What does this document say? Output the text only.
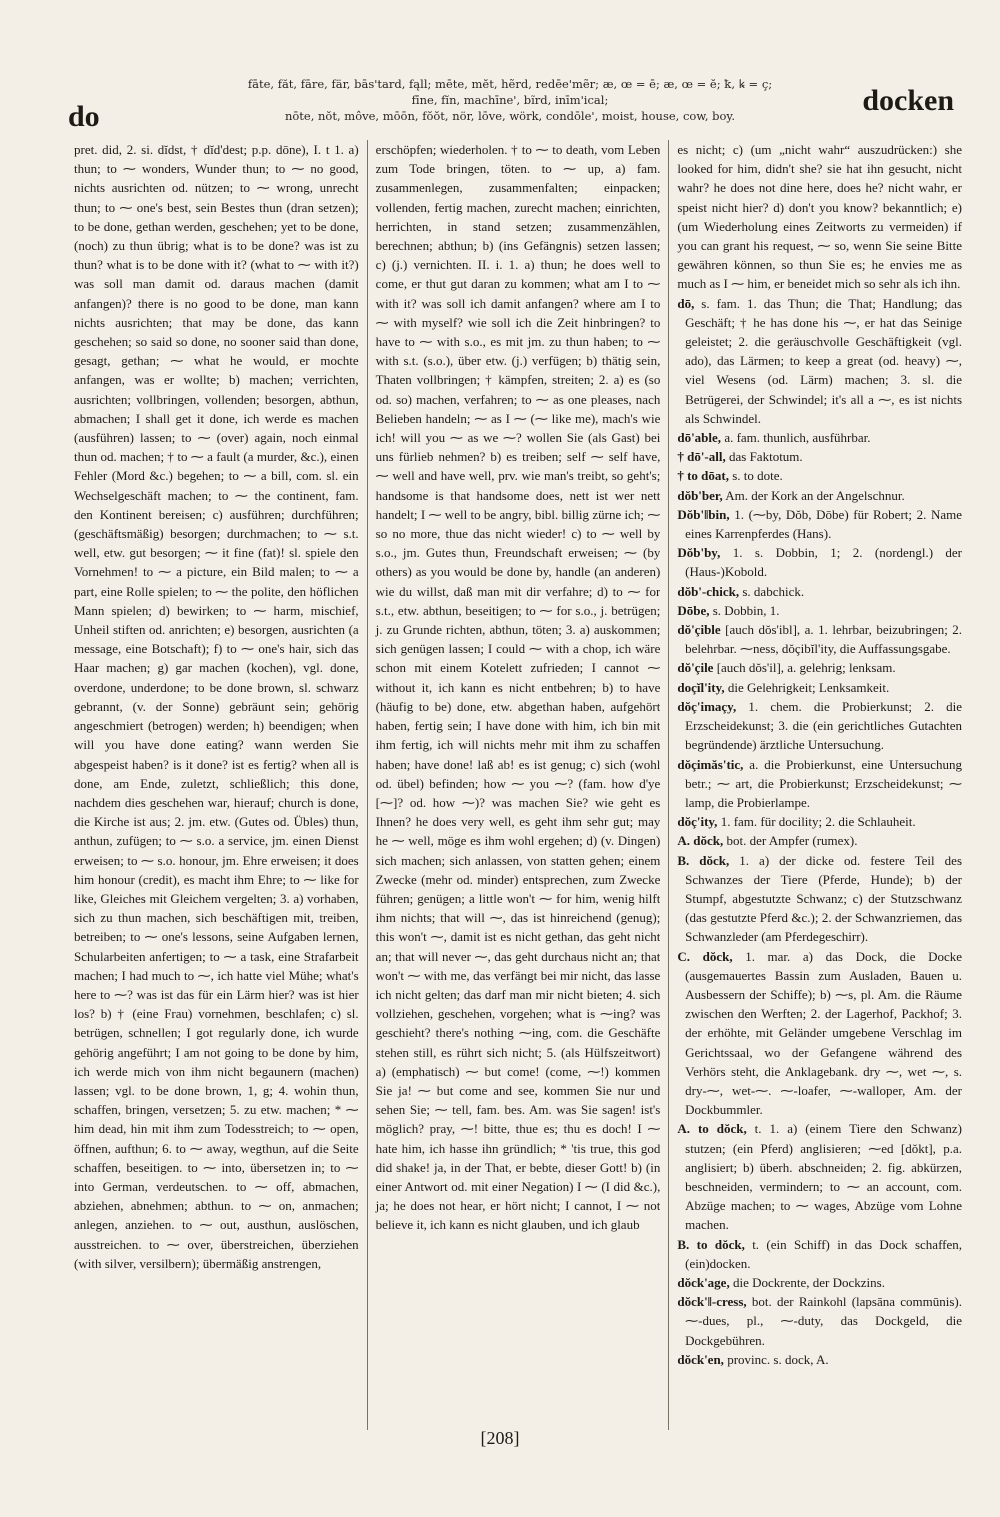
do
fāte, făt, fāre, fär, bās'tard, fąll; mēte, mĕt, hẽrd, redēe'mẽr; æ, œ = ē; æ, œ = ĕ; ꝁ, ꝃ = ç;
fīne, fĭn, machīne', bĩrd, inīm'ical;
nōte, nŏt, môve, mōōn, fŏŏt, nör, lōve, wörk, condōle', moist, house, cow, boy.	docken

pret. did, 2. si. dĭdst, † dĭd'dest; p.p. dōne), I. t 1. a) thun; to ⁓ wonders, Wunder thun; to ⁓ no good, nichts ausrichten od. nützen; to ⁓ wrong, unrecht thun; to ⁓ one's best, sein Bestes thun (dran setzen); to be done, gethan werden, geschehen; yet to be done, (noch) zu thun übrig; what is to be done? was ist zu thun? what is to be done with it? (what to ⁓ with it?) was soll man damit od. daraus machen (damit anfangen)? there is no good to be done, man kann nichts ausrichten; that may be done, das kann geschehen; so said so done, no sooner said than done, gesagt, gethan; ⁓ what he would, er mochte anfangen, was er wollte; b) machen; verrichten, ausrichten; vollbringen, vollenden; besorgen, abthun, abmachen; I shall get it done, ich werde es machen (ausführen) lassen; to ⁓ (over) again, noch einmal thun od. machen; † to ⁓ a fault (a murder, &c.), einen Fehler (Mord &c.) begehen; to ⁓ a bill, com. sl. ein Wechselgeschäft machen; to ⁓ the continent, fam. den Kontinent bereisen; c) ausführen; durchführen; (geschäftsmäßig) besorgen; durchmachen; to ⁓ s.t. well, etw. gut besorgen; ⁓ it fine (fat)! sl. spiele den Vornehmen! to ⁓ a picture, ein Bild malen; to ⁓ a part, eine Rolle spielen; to ⁓ the polite, den höflichen Mann spielen; d) bewirken; to ⁓ harm, mischief, Unheil stiften od. anrichten; e) besorgen, ausrichten (a message, eine Botschaft); f) to ⁓ one's hair, sich das Haar machen; g) gar machen (kochen), vgl. done, overdone, underdone; to be done brown, sl. schwarz gebrannt, (v. der Sonne) gebräunt sein; gehörig angeschmiert (betrogen) werden; h) beendigen; when will you have done eating? wann werden Sie abgespeist haben? is it done? ist es fertig? when all is done, am Ende, zuletzt, schließlich; this done, nachdem dies geschehen war, hierauf; church is done, die Kirche ist aus; 2. jm. etw. (Gutes od. Übles) thun, anthun, zufügen; to ⁓ s.o. a service, jm. einen Dienst erweisen; to ⁓ s.o. honour, jm. Ehre erweisen; it does him honour (credit), es macht ihm Ehre; to ⁓ like for like, Gleiches mit Gleichem vergelten; 3. a) vorhaben, sich zu thun machen, sich beschäftigen mit, treiben, betreiben; to ⁓ one's lessons, seine Aufgaben lernen, Schularbeiten anfertigen; to ⁓ a task, eine Strafarbeit machen; I had much to ⁓, ich hatte viel Mühe; what's here to ⁓? was ist das für ein Lärm hier? was ist hier los? b) † (eine Frau) vornehmen, beschlafen; c) sl. betrügen, schnellen; I got regularly done, ich wurde gehörig angeführt; I am not going to be done by him, ich werde mich von ihm nicht begaunern (machen) lassen; vgl. to be done brown, 1, g; 4. wohin thun, schaffen, bringen, versetzen; 5. zu etw. machen; * ⁓ him dead, hin mit ihm zum Todesstreich; to ⁓ open, öffnen, aufthun; 6. to ⁓ away, wegthun, auf die Seite schaffen, beseitigen. to ⁓ into, übersetzen in; to ⁓ into German, verdeutschen. to ⁓ off, abmachen, abziehen, abnehmen; abthun. to ⁓ on, anmachen; anlegen, anziehen. to ⁓ out, austhun, auslöschen, ausstreichen. to ⁓ over, überstreichen, überziehen (with silver, versilbern); übermäßig anstrengen,

erschöpfen; wiederholen. † to ⁓ to death, vom Leben zum Tode bringen, töten. to ⁓ up, a) fam. zusammenlegen, zusammenfalten; einpacken; vollenden, fertig machen, zurecht machen; einrichten, herrichten, in stand setzen; zusammenzählen, berechnen; abthun; b) (ins Gefängnis) setzen lassen; c) (j.) vernichten. II. i. 1. a) thun; he does well to come, er thut gut daran zu kommen; what am I to ⁓ with it? was soll ich damit anfangen? where am I to ⁓ with myself? wie soll ich die Zeit hinbringen? to have to ⁓ with s.o., es mit jm. zu thun haben; to ⁓ with s.t. (s.o.), über etw. (j.) verfügen; b) thätig sein, Thaten vollbringen; † kämpfen, streiten; 2. a) es (so od. so) machen, verfahren; to ⁓ as one pleases, nach Belieben handeln; ⁓ as I ⁓ (⁓ like me), mach's wie ich! will you ⁓ as we ⁓? wollen Sie (als Gast) bei uns fürlieb nehmen? b) es treiben; self ⁓ self have, ⁓ well and have well, prv. wie man's treibt, so geht's; handsome is that handsome does, nett ist wer nett handelt; I ⁓ well to be angry, bibl. billig zürne ich; ⁓ so no more, thue das nicht wieder! c) to ⁓ well by s.o., jm. Gutes thun, Freundschaft erweisen; ⁓ (by others) as you would be done by, handle (an anderen) wie du willst, daß man mit dir verfahre; d) to ⁓ for s.t., etw. abthun, beseitigen; to ⁓ for s.o., j. betrügen; j. zu Grunde richten, abthun, töten; 3. a) auskommen; sich genügen lassen; I could ⁓ with a chop, ich wäre schon mit einem Kotelett zufrieden; I cannot ⁓ without it, ich kann es nicht entbehren; b) to have (häufig to be) done, etw. abgethan haben, aufgehört haben, fertig sein; I have done with him, ich bin mit ihm fertig, ich will nichts mehr mit ihm zu schaffen haben; have done! laß ab! es ist genug; c) sich (wohl od. übel) befinden; how ⁓ you ⁓? (fam. how d'ye [⁓]? od. how ⁓)? was machen Sie? wie geht es Ihnen? he does very well, es geht ihm sehr gut; may he ⁓ well, möge es ihm wohl ergehen; d) (v. Dingen) sich machen; sich anlassen, von statten gehen; einem Zwecke (mehr od. minder) entsprechen, zum Zwecke führen; genügen; a little won't ⁓ for him, wenig hilft ihm nichts; that will ⁓, das ist hinreichend (genug); this won't ⁓, damit ist es nicht gethan, das geht nicht an; that will never ⁓, das geht durchaus nicht an; that won't ⁓ with me, das verfängt bei mir nicht, das lasse ich nicht gelten; das darf man mir nicht bieten; 4. sich vollziehen, geschehen, vorgehen; what is ⁓ing? was geschieht? there's nothing ⁓ing, com. die Geschäfte stehen still, es rührt sich nicht; 5. (als Hülfszeitwort) a) (emphatisch) ⁓ but come! (come, ⁓!) kommen Sie ja! ⁓ but come and see, kommen Sie nur und sehen Sie; ⁓ tell, fam. bes. Am. was Sie sagen! ist's möglich? pray, ⁓! bitte, thue es; thu es doch! I ⁓ hate him, ich hasse ihn gründlich; * 'tis true, this god did shake! ja, in der That, er bebte, dieser Gott! b) (in einer Antwort od. mit einer Negation) I ⁓ (I did &c.), ja; he does not hear, er hört nicht; I cannot, I ⁓ not believe it, ich kann es nicht glauben, und ich glaub

es nicht; c) (um „nicht wahr“ auszudrücken:) she looked for him, didn't she? sie hat ihn gesucht, nicht wahr? he does not dine here, does he? nicht wahr, er speist nicht hier? d) don't you know? bekanntlich; e) (um Wiederholung eines Zeitworts zu vermeiden) if you can grant his request, ⁓ so, wenn Sie seine Bitte gewähren können, so thun Sie es; he envies me as much as I ⁓ him, er beneidet mich so sehr als ich ihn.

dō, s. fam. 1. das Thun; die That; Handlung; das Geschäft; † he has done his ⁓, er hat das Seinige geleistet; 2. die geräuschvolle Geschäftigkeit (vgl. ado), das Lärmen; to keep a great (od. heavy) ⁓, viel Wesens (od. Lärm) machen; 3. sl. die Betrügerei, der Schwindel; it's all a ⁓, es ist nichts als Schwindel.

dō'able, a. fam. thunlich, ausführbar.

† dō'-all, das Faktotum.

† to dōat, s. to dote.

dŏb'ber, Am. der Kork an der Angelschnur.

Dŏb'‖bin, 1. (⁓by, Dŏb, Dōbe) für Robert; 2. Name eines Karrenpferdes (Hans).

Dŏb'by, 1. s. Dobbin, 1; 2. (nordengl.) der (Haus-)Kobold.

dŏb'-chick, s. dabchick.

Dōbe, s. Dobbin, 1.

dŏ'çible [auch dŏs'ibl], a. 1. lehrbar, beizubringen; 2. belehrbar. ⁓ness, dŏçibĭl'ity, die Auffassungsgabe.

dŏ'çile [auch dŏs'il], a. gelehrig; lenksam.

doçĭl'ity, die Gelehrigkeit; Lenksamkeit.

dŏç'imaçy, 1. chem. die Probierkunst; 2. die Erzscheidekunst; 3. die (ein gerichtliches Gutachten begründende) ärztliche Untersuchung.

dŏçimăs'tic, a. die Probierkunst, eine Untersuchung betr.; ⁓ art, die Probierkunst; Erzscheidekunst; ⁓ lamp, die Probierlampe.

dŏç'ity, 1. fam. für docility; 2. die Schlauheit.

A. dŏck, bot. der Ampfer (rumex).

B. dŏck, 1. a) der dicke od. festere Teil des Schwanzes der Tiere (Pferde, Hunde); b) der Stumpf, abgestutzte Schwanz; c) der Stutzschwanz (das gestutzte Pferd &c.); 2. der Schwanzriemen, das Schwanzleder (am Pferdegeschirr).

C. dŏck, 1. mar. a) das Dock, die Docke (ausgemauertes Bassin zum Ausladen, Bauen u. Ausbessern der Schiffe); b) ⁓s, pl. Am. die Räume zwischen den Werften; 2. der Lagerhof, Packhof; 3. der erhöhte, mit Geländer umgebene Verschlag im Gerichtssaal, wo der Gefangene während des Verhörs steht, die Anklagebank. dry ⁓, wet ⁓, s. dry-⁓, wet-⁓. ⁓-loafer, ⁓-walloper, Am. der Dockbummler.

A. to dŏck, t. 1. a) (einem Tiere den Schwanz) stutzen; (ein Pferd) anglisieren; ⁓ed [dŏkt], p.a. anglisiert; b) überh. abschneiden; 2. fig. abkürzen, beschneiden, vermindern; to ⁓ an account, com. Abzüge machen; to ⁓ wages, Abzüge vom Lohne machen.

B. to dŏck, t. (ein Schiff) in das Dock schaffen, (ein)docken.

dŏck'age, die Dockrente, der Dockzins.

dŏck'‖-cress, bot. der Rainkohl (lapsāna commūnis). ⁓-dues, pl., ⁓-duty, das Dockgeld, die Dockgebühren.

dŏck'en, provinc. s. dock, A.

[208]
